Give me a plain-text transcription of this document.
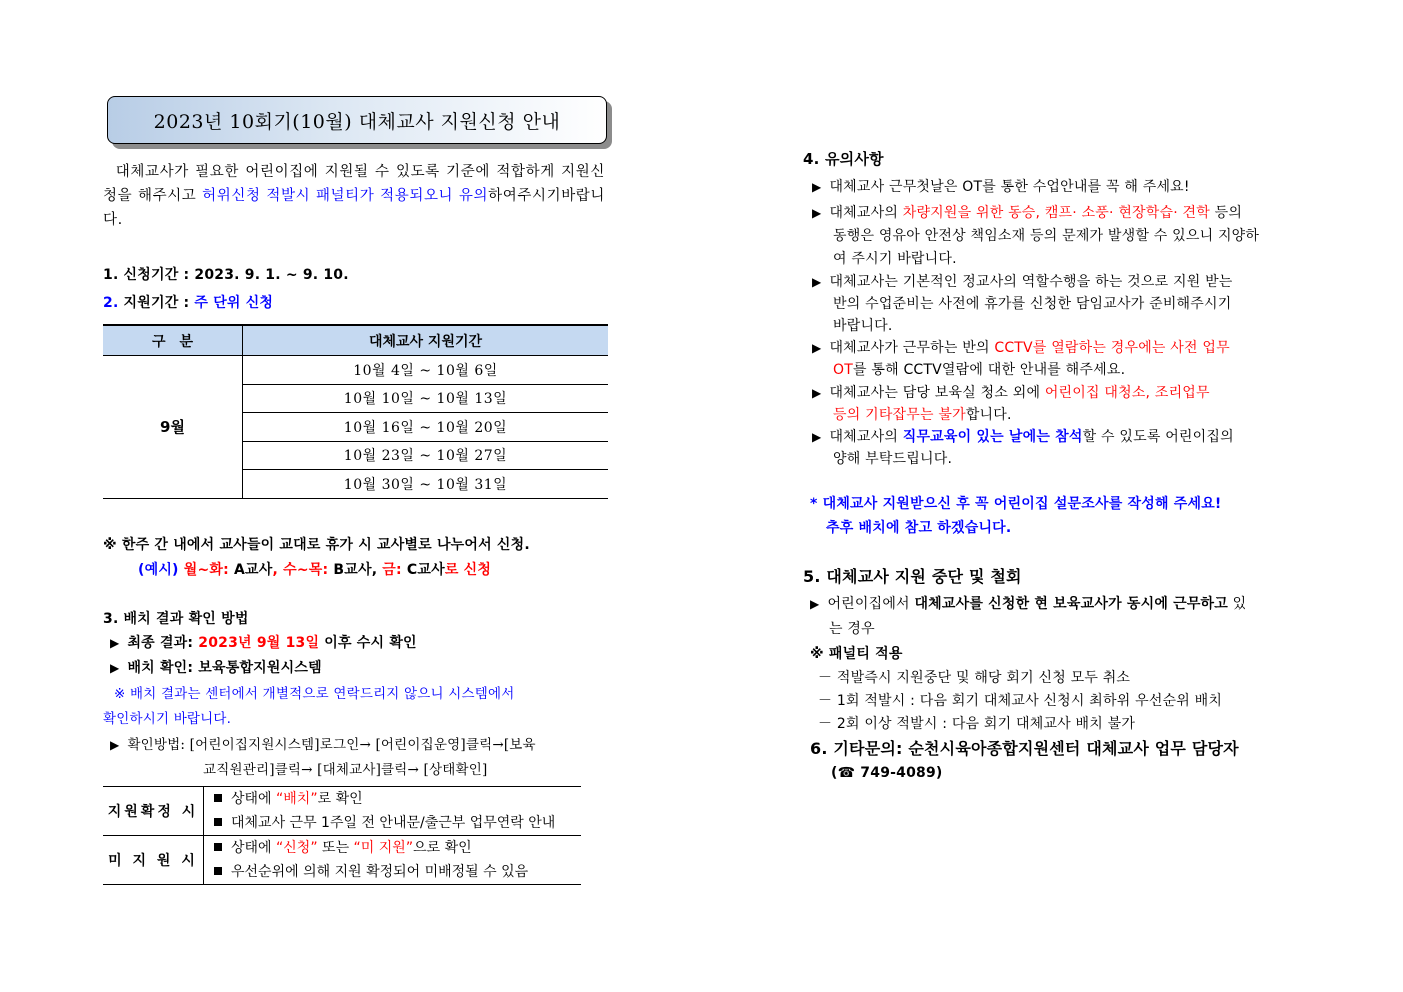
2023년 10회기(10월) 대체교사 지원신청 안내
대체교사가 필요한 어린이집에 지원될 수 있도록 기준에 적합하게 지원신청을 해주시고 허위신청 적발시 패널티가 적용되오니 유의하여주시기바랍니다.
1. 신청기간 : 2023. 9. 1. ~ 9. 10.
2. 지원기간 : 주 단위 신청
구　분	대체교사 지원기간
9월	10월 4일 ~ 10월 6일
	10월 10일 ~ 10월 13일
	10월 16일 ~ 10월 20일
	10월 23일 ~ 10월 27일
	10월 30일 ~ 10월 31일
※ 한주 간 내에서 교사들이 교대로 휴가 시 교사별로 나누어서 신청.
(예시) 월~화: A교사, 수~목: B교사, 금: C교사로 신청
3. 배치 결과 확인 방법
▶ 최종 결과: 2023년 9월 13일 이후 수시 확인
▶ 배치 확인: 보육통합지원시스템
※ 배치 결과는 센터에서 개별적으로 연락드리지 않으니 시스템에서
확인하시기 바랍니다.
▶ 확인방법: [어린이집지원시스템]로그인→ [어린이집운영]클릭→[보육
교직원관리]클릭→ [대체교사]클릭→ [상태확인]
지원확정 시	상태에 “배치”로 확인
대체교사 근무 1주일 전 안내문/출근부 업무연락 안내

미 지 원 시	상태에 “신청” 또는 “미 지원”으로 확인
우선순위에 의해 지원 확정되어 미배정될 수 있음
4. 유의사항
▶ 대체교사 근무첫날은 OT를 통한 수업안내를 꼭 해 주세요!
▶ 대체교사의 차량지원을 위한 동승, 캠프· 소풍· 현장학습· 견학 등의
동행은 영유아 안전상 책임소재 등의 문제가 발생할 수 있으니 지양하
여 주시기 바랍니다.
▶ 대체교사는 기본적인 정교사의 역할수행을 하는 것으로 지원 받는
반의 수업준비는 사전에 휴가를 신청한 담임교사가 준비해주시기
바랍니다.
▶ 대체교사가 근무하는 반의 CCTV를 열람하는 경우에는 사전 업무
OT를 통해 CCTV열람에 대한 안내를 해주세요.
▶ 대체교사는 담당 보육실 청소 외에 어린이집 대청소, 조리업무
등의 기타잡무는 불가합니다.
▶ 대체교사의 직무교육이 있는 날에는 참석할 수 있도록 어린이집의
양해 부탁드립니다.
* 대체교사 지원받으신 후 꼭 어린이집 설문조사를 작성해 주세요!
추후 배치에 참고 하겠습니다.
5. 대체교사 지원 중단 및 철회
▶ 어린이집에서 대체교사를 신청한 현 보육교사가 동시에 근무하고 있
는 경우
※ 패널티 적용
－ 적발즉시 지원중단 및 해당 회기 신청 모두 취소
－ 1회 적발시 : 다음 회기 대체교사 신청시 최하위 우선순위 배치
－ 2회 이상 적발시 : 다음 회기 대체교사 배치 불가
6. 기타문의: 순천시육아종합지원센터 대체교사 업무 담당자
(☎ 749-4089)
